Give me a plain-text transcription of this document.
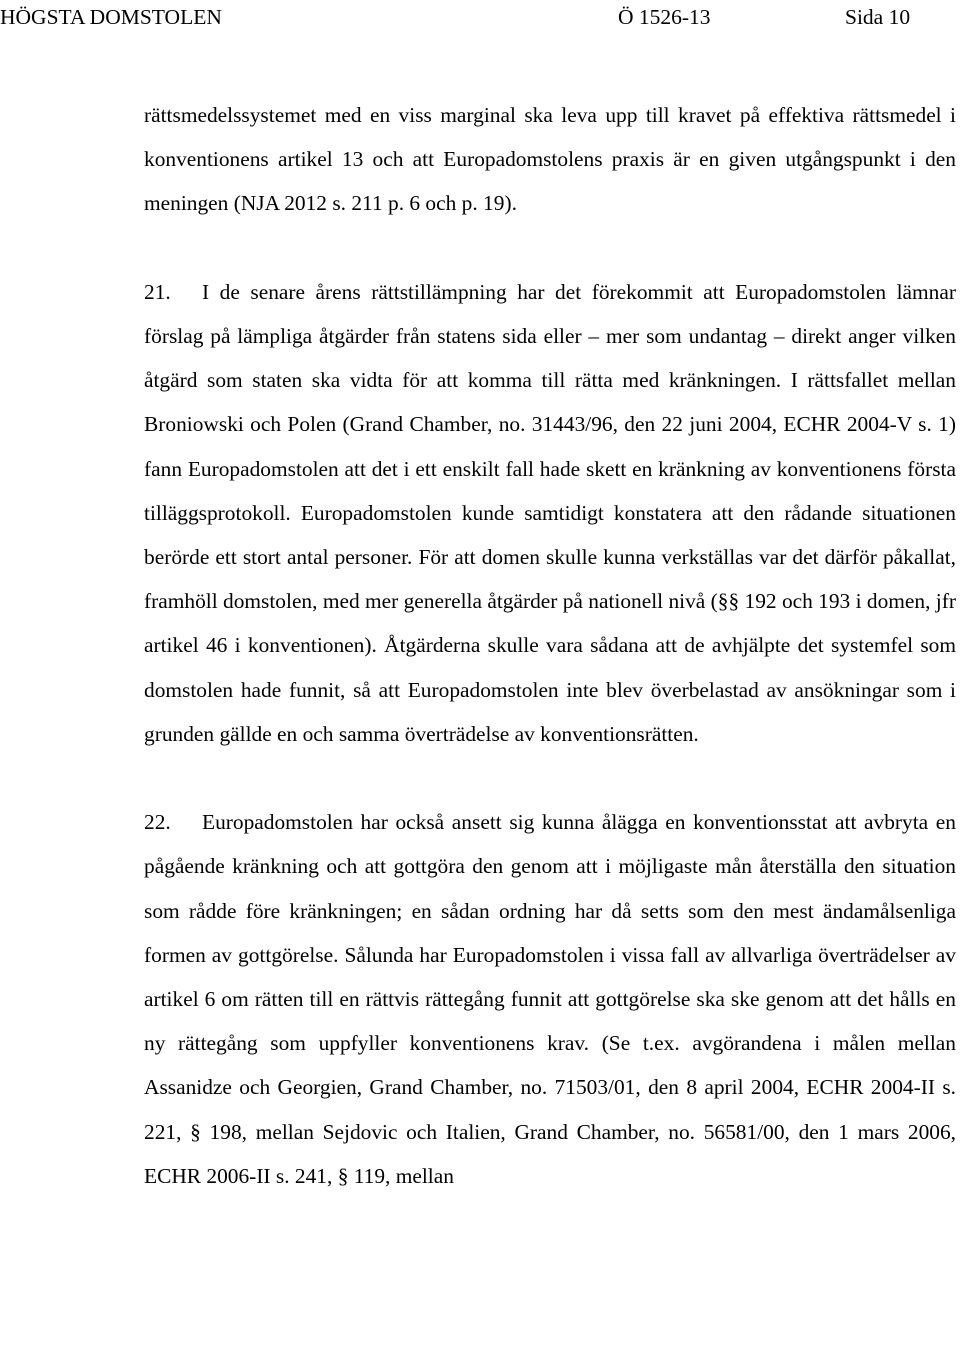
HÖGSTA DOMSTOLEN	Ö 1526-13	Sida 10

rättsmedelssystemet med en viss marginal ska leva upp till kravet på effektiva rättsmedel i konventionens artikel 13 och att Europadomstolens praxis är en given utgångspunkt i den meningen (NJA 2012 s. 211 p. 6 och p. 19).

21. I de senare årens rättstillämpning har det förekommit att Europadomstolen lämnar förslag på lämpliga åtgärder från statens sida eller – mer som undantag – direkt anger vilken åtgärd som staten ska vidta för att komma till rätta med kränkningen. I rättsfallet mellan Broniowski och Polen (Grand Chamber, no. 31443/96, den 22 juni 2004, ECHR 2004-V s. 1) fann Europadomstolen att det i ett enskilt fall hade skett en kränkning av konventionens första tilläggsprotokoll. Europadomstolen kunde samtidigt konstatera att den rådande situationen berörde ett stort antal personer. För att domen skulle kunna verkställas var det därför påkallat, framhöll domstolen, med mer generella åtgärder på nationell nivå (§§ 192 och 193 i domen, jfr artikel 46 i konventionen). Åtgärderna skulle vara sådana att de avhjälpte det systemfel som domstolen hade funnit, så att Europadomstolen inte blev överbelastad av ansökningar som i grunden gällde en och samma överträdelse av konventionsrätten.

22. Europadomstolen har också ansett sig kunna ålägga en konventionsstat att avbryta en pågående kränkning och att gottgöra den genom att i möjligaste mån återställa den situation som rådde före kränkningen; en sådan ordning har då setts som den mest ändamålsenliga formen av gottgörelse. Sålunda har Europadomstolen i vissa fall av allvarliga överträdelser av artikel 6 om rätten till en rättvis rättegång funnit att gottgörelse ska ske genom att det hålls en ny rättegång som uppfyller konventionens krav. (Se t.ex. avgörandena i målen mellan Assanidze och Georgien, Grand Chamber, no. 71503/01, den 8 april 2004, ECHR 2004-II s. 221, § 198, mellan Sejdovic och Italien, Grand Chamber, no. 56581/00, den 1 mars 2006, ECHR 2006-II s. 241, § 119, mellan
